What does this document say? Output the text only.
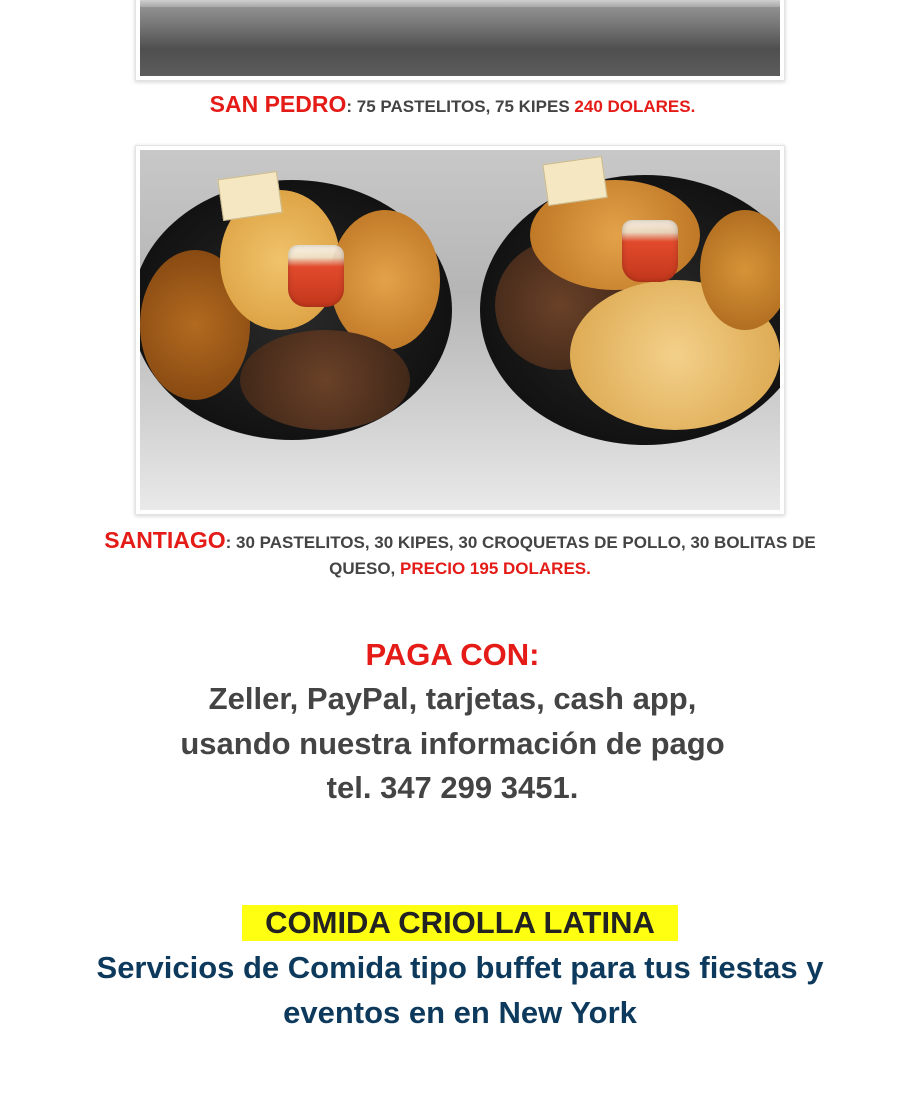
SAN PEDRO: 75 PASTELITOS, 75 KIPES 240 DOLARES.
SANTIAGO: 30 PASTELITOS, 30 KIPES, 30 CROQUETAS DE POLLO, 30 BOLITAS DE QUESO, PRECIO 195 DOLARES.
PAGA CON:
Zeller, PayPal, tarjetas, cash app,
usando nuestra información de pago
tel. 347 299 3451.
COMIDA CRIOLLA LATINA
Servicios de Comida tipo buffet para tus fiestas y eventos en en New York
